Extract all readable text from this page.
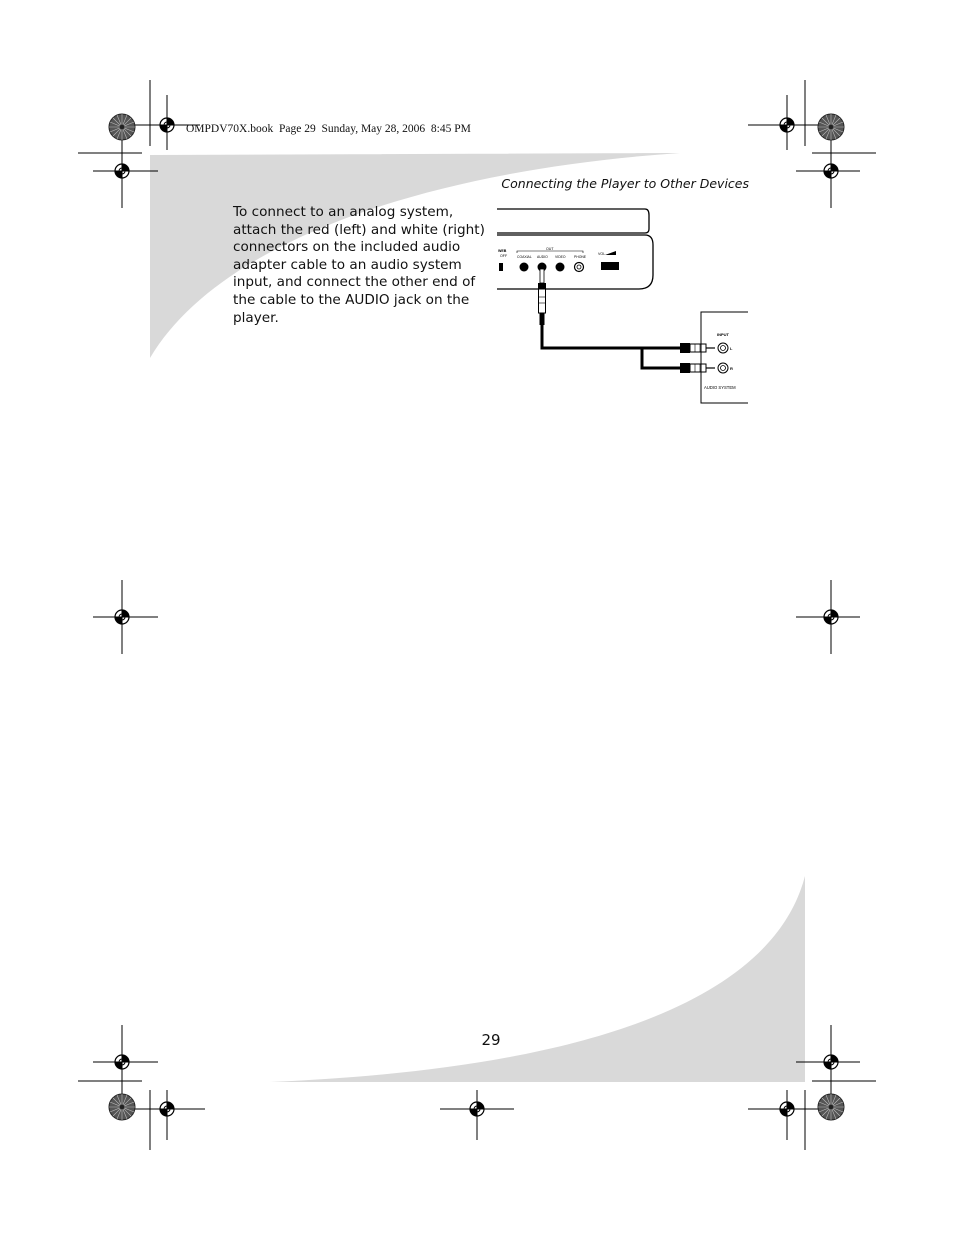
OMPDV70X.book  Page 29  Sunday, May 28, 2006  8:45 PM
Connecting the Player to Other Devices
To connect to an analog system, attach the red (left) and white (right) connectors on the included audio adapter cable to an audio system input, and connect the other end of the cable to the AUDIO jack on the player.
WEB
OFF
OUT
COAXIAL AUDIO VIDEO PHONE
VOL
INPUT
L
R
AUDIO SYSTEM
29
